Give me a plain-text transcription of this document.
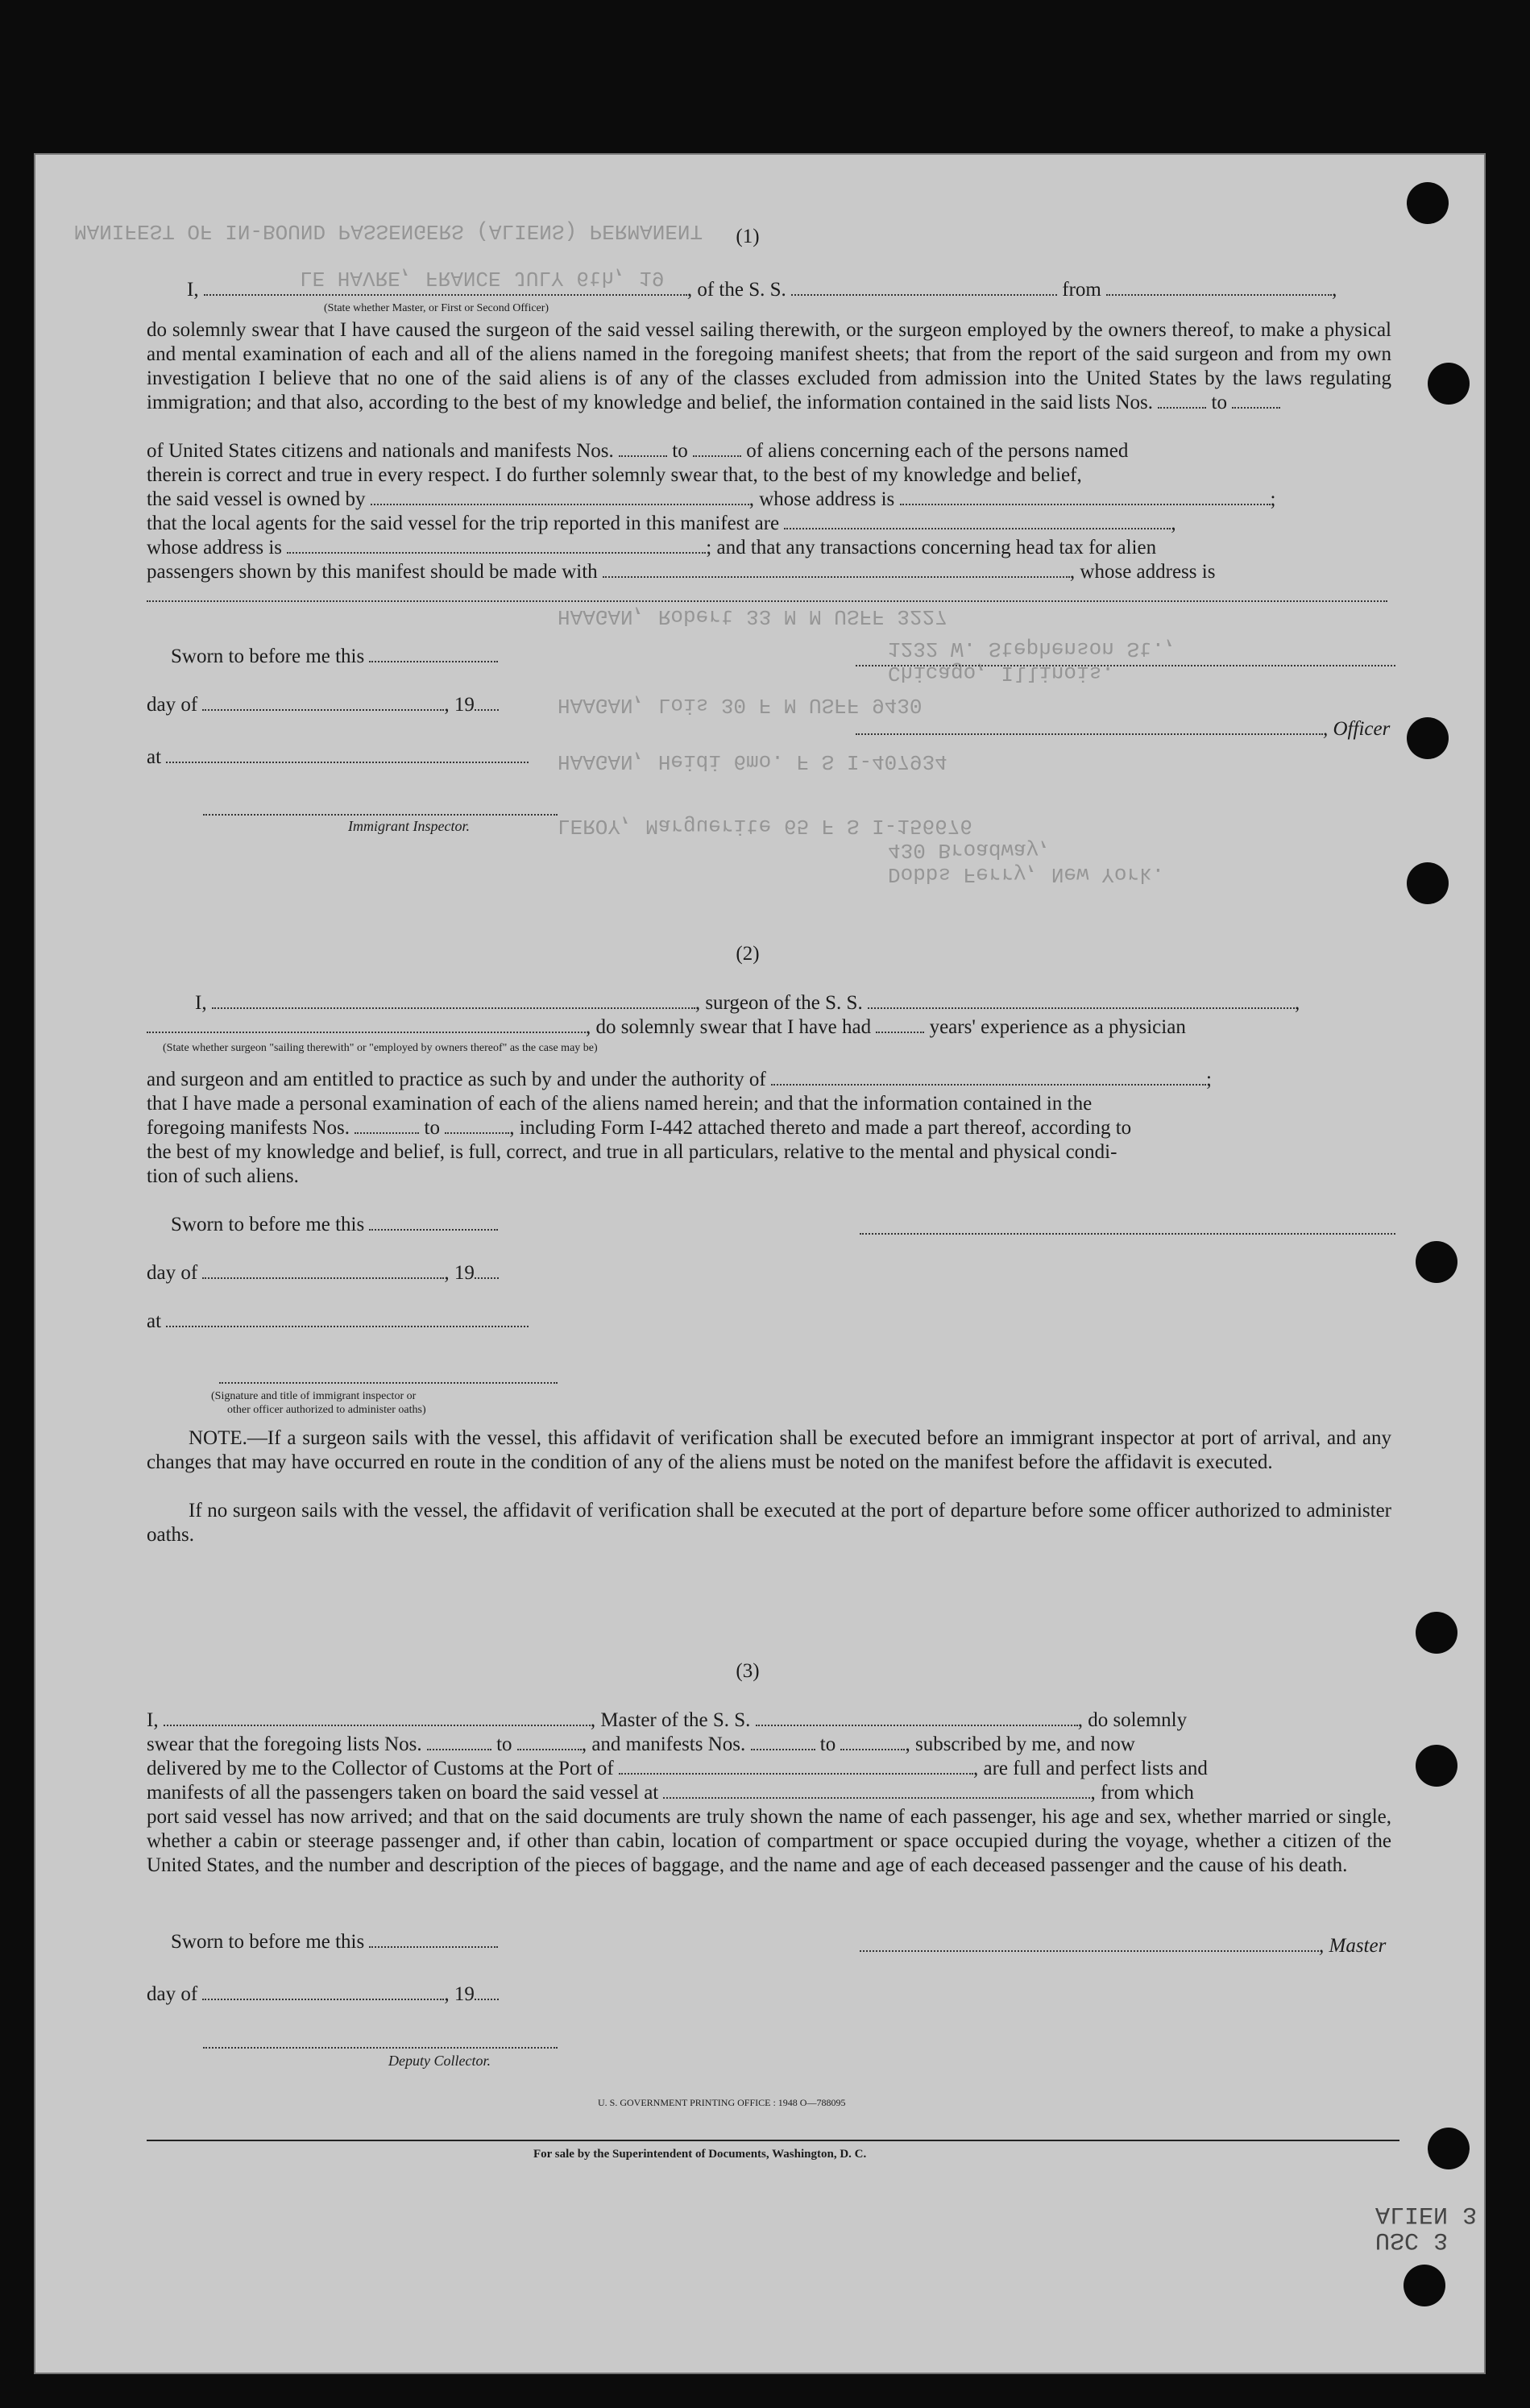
MANIFEST OF IN-BOUND PASSENGERS (ALIENS) PERMANENT
LE HAVRE, FRANCE JULY 6th, 19
HAAGAN, Robert 33 M M USFF 3227
1232 W. Stephenson St.,
Chicago, Illinois.
HAAGAN, Lois 30 F M USFF 9430
HAAGAN, Heidi 6mo. F S I-407934
LEROY, Marguerite 65 F S I-156676
430 Broadway,
Dobbs Ferry, New York.
(1)
I,	, of the S. S.	from	,
(State whether Master, or First or Second Officer)
do solemnly swear that I have caused the surgeon of the said vessel sailing therewith, or the surgeon employed by the owners thereof, to make a physical and mental examination of each and all of the aliens named in the foregoing manifest sheets; that from the report of the said surgeon and from my own investigation I believe that no one of the said aliens is of any of the classes excluded from admission into the United States by the laws regulating immigration; and that also, according to the best of my knowledge and belief, the information contained in the said lists Nos.	to
of United States citizens and nationals and manifests Nos.	to	of aliens concerning each of the persons named
therein is correct and true in every respect. I do further solemnly swear that, to the best of my knowledge and belief,
the said vessel is owned by	, whose address is	;
that the local agents for the said vessel for the trip reported in this manifest are	,
whose address is	; and that any transactions concerning head tax for alien
passengers shown by this manifest should be made with	, whose address is
Sworn to before me this
day of	, 19
, Officer
at
Immigrant Inspector.
(2)
I,	, surgeon of the S. S.	,
, do solemnly swear that I have had	years' experience as a physician
(State whether surgeon "sailing therewith" or "employed by owners thereof" as the case may be)
and surgeon and am entitled to practice as such by and under the authority of	;
that I have made a personal examination of each of the aliens named herein; and that the information contained in the
foregoing manifests Nos.	to	, including Form I-442 attached thereto and made a part thereof, according to
the best of my knowledge and belief, is full, correct, and true in all particulars, relative to the mental and physical condi-
tion of such aliens.
Sworn to before me this
day of	, 19
at
(Signature and title of immigrant inspector or
other officer authorized to administer oaths)
NOTE.—If a surgeon sails with the vessel, this affidavit of verification shall be executed before an immigrant inspector at port of arrival, and any changes that may have occurred en route in the condition of any of the aliens must be noted on the manifest before the affidavit is executed.
If no surgeon sails with the vessel, the affidavit of verification shall be executed at the port of departure before some officer authorized to administer oaths.
(3)
I,	, Master of the S. S.	, do solemnly
swear that the foregoing lists Nos.	to	, and manifests Nos.	to	, subscribed by me, and now
delivered by me to the Collector of Customs at the Port of	, are full and perfect lists and
manifests of all the passengers taken on board the said vessel at	, from which
port said vessel has now arrived; and that on the said documents are truly shown the name of each passenger, his age and sex, whether married or single, whether a cabin or steerage passenger and, if other than cabin, location of compartment or space occupied during the voyage, whether a citizen of the United States, and the number and description of the pieces of baggage, and the name and age of each deceased passenger and the cause of his death.
Sworn to before me this	, Master
day of	, 19
Deputy Collector.
U. S. GOVERNMENT PRINTING OFFICE : 1948 O—788095
For sale by the Superintendent of Documents, Washington, D. C.
ALIEN 3
USC 3
